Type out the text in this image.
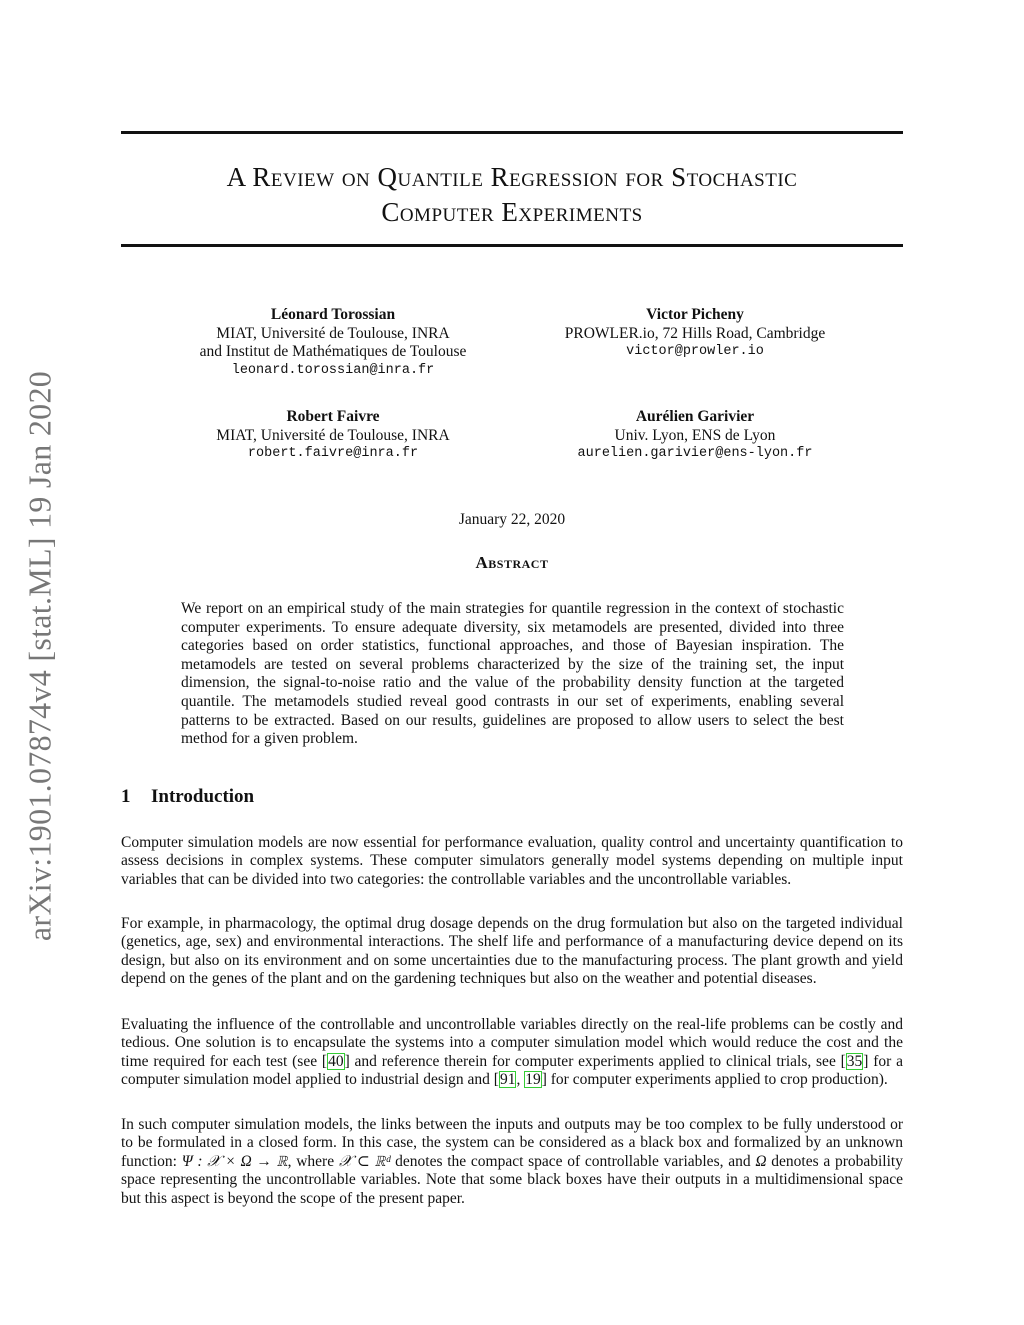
arXiv:1901.07874v4 [stat.ML] 19 Jan 2020
A Review on Quantile Regression for Stochastic
Computer Experiments
Léonard Torossian
MIAT, Université de Toulouse, INRA
and Institut de Mathématiques de Toulouse
leonard.torossian@inra.fr
Victor Picheny
PROWLER.io, 72 Hills Road, Cambridge
victor@prowler.io
Robert Faivre
MIAT, Université de Toulouse, INRA
robert.faivre@inra.fr
Aurélien Garivier
Univ. Lyon, ENS de Lyon
aurelien.garivier@ens-lyon.fr
January 22, 2020
Abstract

We report on an empirical study of the main strategies for quantile regression in the context of stochastic computer experiments. To ensure adequate diversity, six metamodels are presented, divided into three categories based on order statistics, functional approaches, and those of Bayesian inspiration. The metamodels are tested on several problems characterized by the size of the training set, the input dimension, the signal-to-noise ratio and the value of the probability density function at the targeted quantile. The metamodels studied reveal good contrasts in our set of experiments, enabling several patterns to be extracted. Based on our results, guidelines are proposed to allow users to select the best method for a given problem.

1 Introduction

Computer simulation models are now essential for performance evaluation, quality control and uncertainty quantification to assess decisions in complex systems. These computer simulators generally model systems depending on multiple input variables that can be divided into two categories: the controllable variables and the uncontrollable variables.

For example, in pharmacology, the optimal drug dosage depends on the drug formulation but also on the targeted individual (genetics, age, sex) and environmental interactions. The shelf life and performance of a manufacturing device depend on its design, but also on its environment and on some uncertainties due to the manufacturing process. The plant growth and yield depend on the genes of the plant and on the gardening techniques but also on the weather and potential diseases.

Evaluating the influence of the controllable and uncontrollable variables directly on the real-life problems can be costly and tedious. One solution is to encapsulate the systems into a computer simulation model which would reduce the cost and the time required for each test (see [40] and reference therein for computer experiments applied to clinical trials, see [35] for a computer simulation model applied to industrial design and [91, 19] for computer experiments applied to crop production).

In such computer simulation models, the links between the inputs and outputs may be too complex to be fully understood or to be formulated in a closed form. In this case, the system can be considered as a black box and formalized by an unknown function: Ψ : 𝒳 × Ω → ℝ, where 𝒳 ⊂ ℝᵈ denotes the compact space of controllable variables, and Ω denotes a probability space representing the uncontrollable variables. Note that some black boxes have their outputs in a multidimensional space but this aspect is beyond the scope of the present paper.
